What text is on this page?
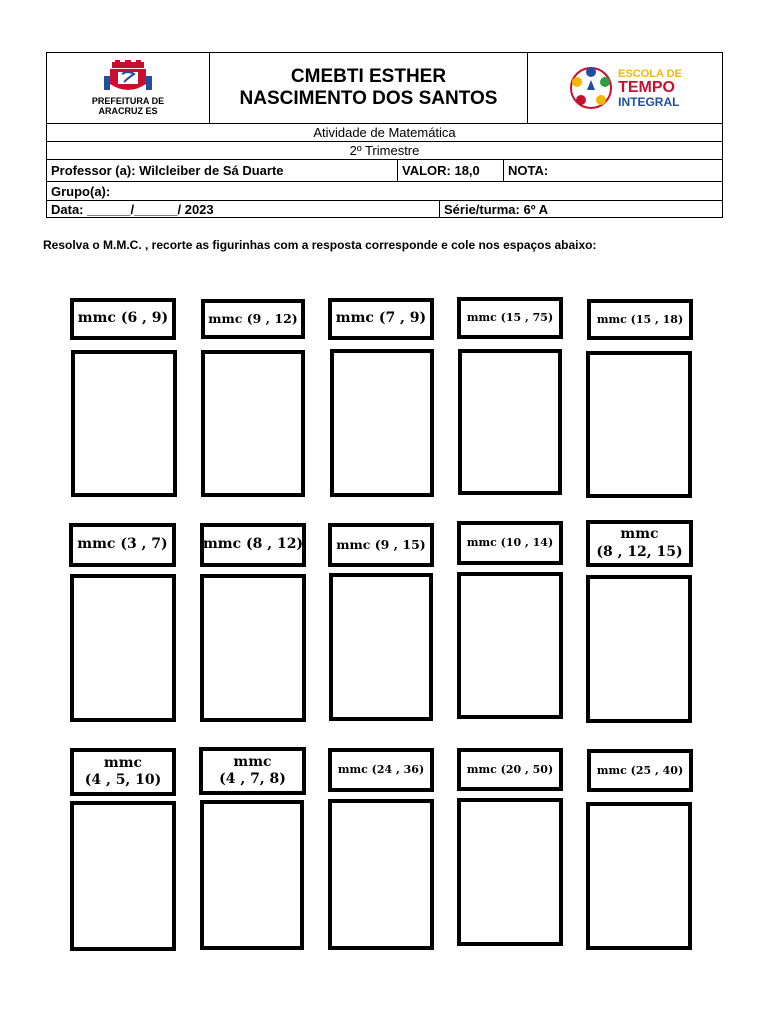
PREFEITURA DE
ARACRUZ ES
CMEBTI ESTHER NASCIMENTO DOS SANTOS
ESCOLA DE
TEMPO
INTEGRAL
Atividade de Matemática
2º Trimestre
Professor (a): Wilcleiber de Sá Duarte	VALOR: 18,0	NOTA:
Grupo(a):
Data: ______/______/ 2023	Série/turma: 6º A
Resolva o M.M.C. , recorte as figurinhas com a resposta corresponde e cole nos espaços abaixo:
mmc (6 , 9)	mmc (9 , 12)	mmc (7 , 9)	mmc (15 , 75)	mmc (15 , 18)
mmc (3 , 7)	mmc (8 , 12)	mmc (9 , 15)	mmc (10 , 14)
mmc
(8 , 12, 15)
mmc
(4 , 5, 10)
mmc
(4 , 7, 8)
mmc (24 , 36)	mmc (20 , 50)	mmc (25 , 40)
